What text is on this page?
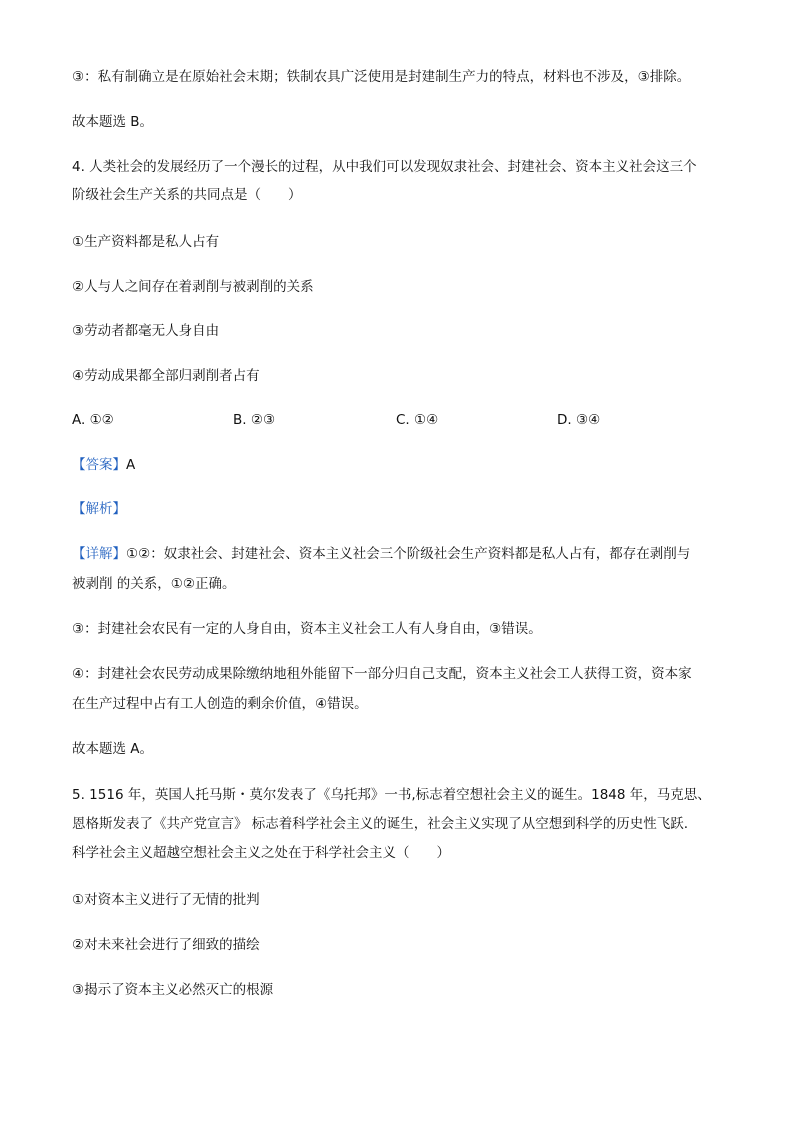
③：私有制确立是在原始社会末期；铁制农具广泛使用是封建制生产力的特点，材料也不涉及，③排除。
故本题选 B。
4. 人类社会的发展经历了一个漫长的过程，从中我们可以发现奴隶社会、封建社会、资本主义社会这三个
阶级社会生产关系的共同点是（　　）
①生产资料都是私人占有
②人与人之间存在着剥削与被剥削的关系
③劳动者都毫无人身自由
④劳动成果都全部归剥削者占有
A. ①②	B. ②③	C. ①④	D. ③④
【答案】A
【解析】
【详解】①②：奴隶社会、封建社会、资本主义社会三个阶级社会生产资料都是私人占有，都存在剥削与
被剥削 的关系，①②正确。
③：封建社会农民有一定的人身自由，资本主义社会工人有人身自由，③错误。
④：封建社会农民劳动成果除缴纳地租外能留下一部分归自己支配，资本主义社会工人获得工资，资本家
在生产过程中占有工人创造的剩余价值，④错误。
故本题选 A。
5. 1516 年，英国人托马斯・莫尔发表了《乌托邦》一书,标志着空想社会主义的诞生。1848 年，马克思、
恩格斯发表了《共产党宣言》 标志着科学社会主义的诞生，社会主义实现了从空想到科学的历史性飞跃.
科学社会主义超越空想社会主义之处在于科学社会主义（　　）
①对资本主义进行了无情的批判
②对未来社会进行了细致的描绘
③揭示了资本主义必然灭亡的根源
